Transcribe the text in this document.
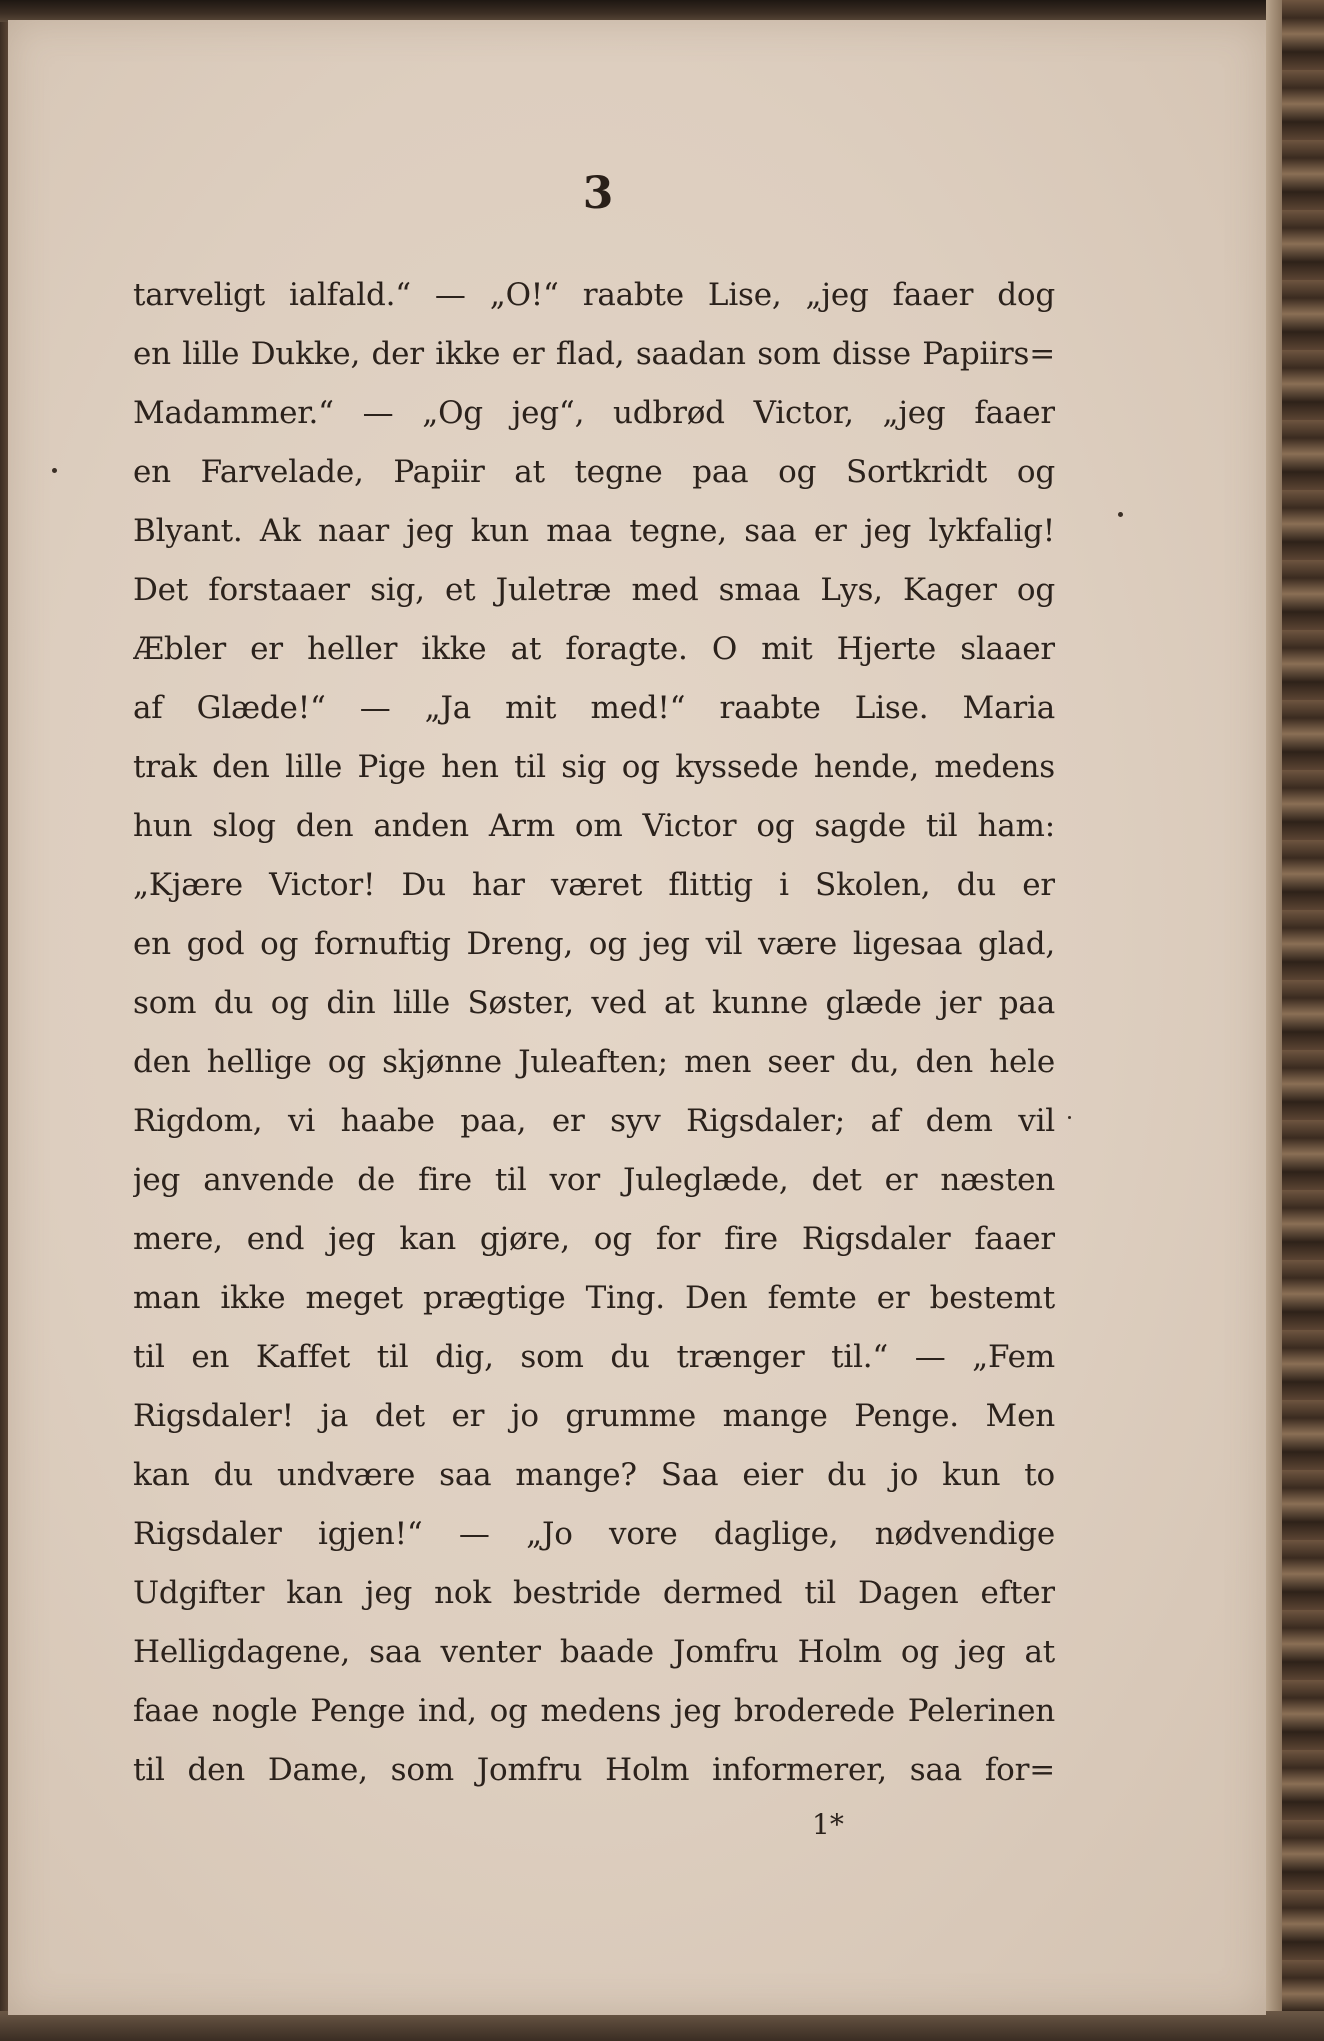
3
tarveligt ialfald.“ — „O!“ raabte Lise, „jeg faaer dog
en lille Dukke, der ikke er flad, saadan som disse Papiirs=
Madammer.“ — „Og jeg“, udbrød Victor, „jeg faaer
en Farvelade, Papiir at tegne paa og Sortkridt og
Blyant. Ak naar jeg kun maa tegne, saa er jeg lykfalig!
Det forstaaer sig, et Juletræ med smaa Lys, Kager og
Æbler er heller ikke at foragte. O mit Hjerte slaaer
af Glæde!“ — „Ja mit med!“ raabte Lise. Maria
trak den lille Pige hen til sig og kyssede hende, medens
hun slog den anden Arm om Victor og sagde til ham:
„Kjære Victor! Du har været flittig i Skolen, du er
en god og fornuftig Dreng, og jeg vil være ligesaa glad,
som du og din lille Søster, ved at kunne glæde jer paa
den hellige og skjønne Juleaften; men seer du, den hele
Rigdom, vi haabe paa, er syv Rigsdaler; af dem vil
jeg anvende de fire til vor Juleglæde, det er næsten
mere, end jeg kan gjøre, og for fire Rigsdaler faaer
man ikke meget prægtige Ting. Den femte er bestemt
til en Kaffet til dig, som du trænger til.“ — „Fem
Rigsdaler! ja det er jo grumme mange Penge. Men
kan du undvære saa mange? Saa eier du jo kun to
Rigsdaler igjen!“ — „Jo vore daglige, nødvendige
Udgifter kan jeg nok bestride dermed til Dagen efter
Helligdagene, saa venter baade Jomfru Holm og jeg at
faae nogle Penge ind, og medens jeg broderede Pelerinen
til den Dame, som Jomfru Holm informerer, saa for=
1*
